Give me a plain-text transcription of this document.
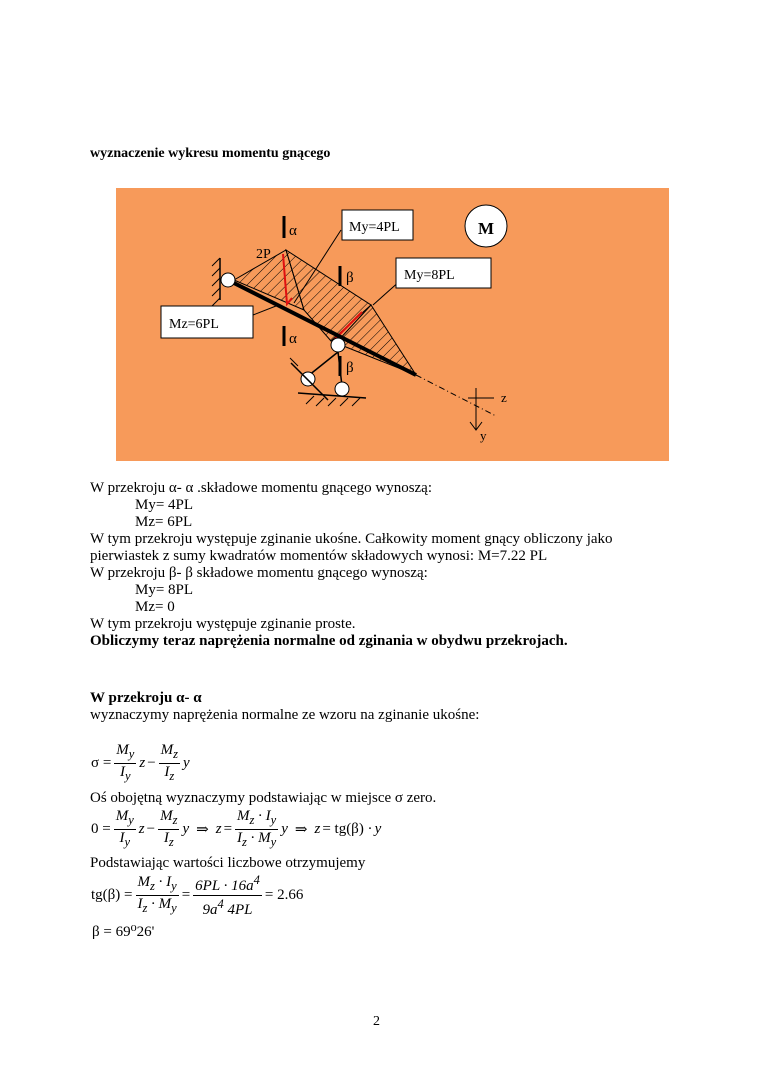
wyznaczenie wykresu momentu gnącego
α
α
β
β
2P
My=4PL
My=8PL
Mz=6PL
M
z
y
W przekroju α- α .składowe momentu gnącego wynoszą:
My= 4PL
Mz= 6PL
W tym przekroju występuje zginanie ukośne. Całkowity moment gnący obliczony jako
pierwiastek z sumy kwadratów momentów składowych wynosi: M=7.22 PL
W przekroju β- β składowe momentu gnącego wynoszą:
My= 8PL
Mz= 0
W tym przekroju występuje zginanie proste.
Obliczymy teraz naprężenia normalne od zginania w obydwu przekrojach.
W przekroju α- α
wyznaczymy naprężenia normalne ze wzoru na zginanie ukośne:
$\sigma = \frac{M_y}{I_y}$ $z - \frac{M_z}{I_z}$ y
Oś obojętną wyznaczymy podstawiając w miejsce σ zero.
$0 = \frac{M_y}{I_y}$ $z - \frac{M_z}{I_z}$ y ⇒ $z = \frac{M_z \cdot I_y}{I_z \cdot M_y}$ y ⇒ z = tg(β) · y
Podstawiając wartości liczbowe otrzymujemy
$tg(\beta) = \frac{M_z \cdot I_y}{I_z \cdot M_y} = \frac{6PL \cdot 16a^4}{9a^4 4PL} = 2.66$
β = 69⁰26'
2
